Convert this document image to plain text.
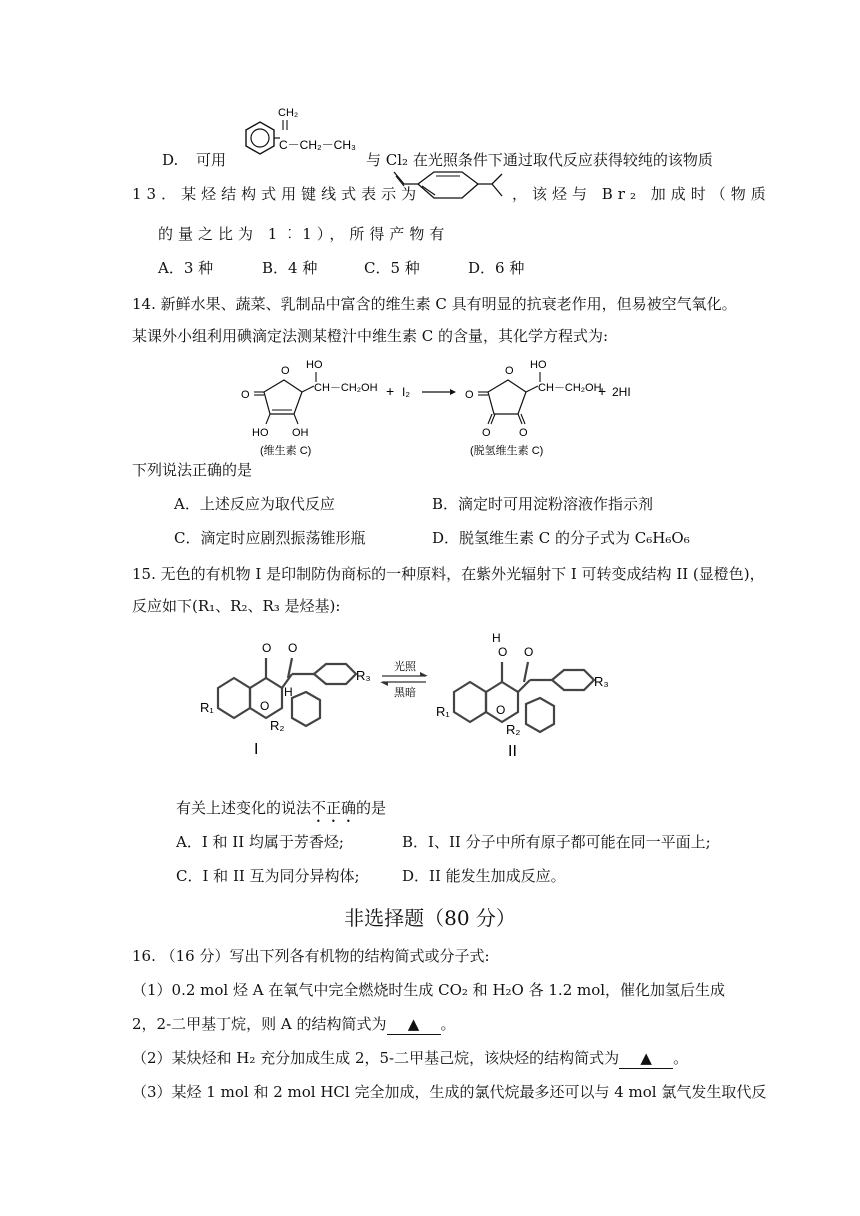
D. 可用
CH₂
C－CH₂－CH₃
与 Cl₂ 在光照条件下通过取代反应获得较纯的该物质
13．某烃结构式用键线式表示为	，该烃与 Br₂ 加成时（物质
的量之比为 1︰1），所得产物有
A．3 种	B．4 种	C．5 种	D．6 种
14. 新鲜水果、蔬菜、乳制品中富含的维生素 C 具有明显的抗衰老作用，但易被空气氧化。
某课外小组利用碘滴定法测某橙汁中维生素 C 的含量，其化学方程式为:
O
O
HO OH
HO
CH－CH₂OH
(维生素 C)
+ I₂
O
O
O	O
HO
CH－CH₂OH
+ 2HI
(脱氢维生素 C)
下列说法正确的是
A．上述反应为取代反应	B．滴定时可用淀粉溶液作指示剂
C．滴定时应剧烈振荡锥形瓶	D．脱氢维生素 C 的分子式为 C₆H₆O₆
15. 无色的有机物 I 是印制防伪商标的一种原料，在紫外光辐射下 I 可转变成结构 II (显橙色)，
反应如下(R₁、R₂、R₃ 是烃基):
O O
O
R₁
R₃
R₂
H
I
光照
黑暗
H
O O
O
R₁
R₃
R₂
II
有关上述变化的说法不正确的是
A．I 和 II 均属于芳香烃;	B．I、II 分子中所有原子都可能在同一平面上;
C．I 和 II 互为同分异构体;	D．II 能发生加成反应。
非选择题（80 分）
16. （16 分）写出下列各有机物的结构简式或分子式:
（1）0.2 mol 烃 A 在氧气中完全燃烧时生成 CO₂ 和 H₂O 各 1.2 mol，催化加氢后生成
2，2-二甲基丁烷，则 A 的结构简式为 ▲ 。
（2）某炔烃和 H₂ 充分加成生成 2，5-二甲基己烷，该炔烃的结构简式为 ▲ 。
（3）某烃 1 mol 和 2 mol HCl 完全加成，生成的氯代烷最多还可以与 4 mol 氯气发生取代反
